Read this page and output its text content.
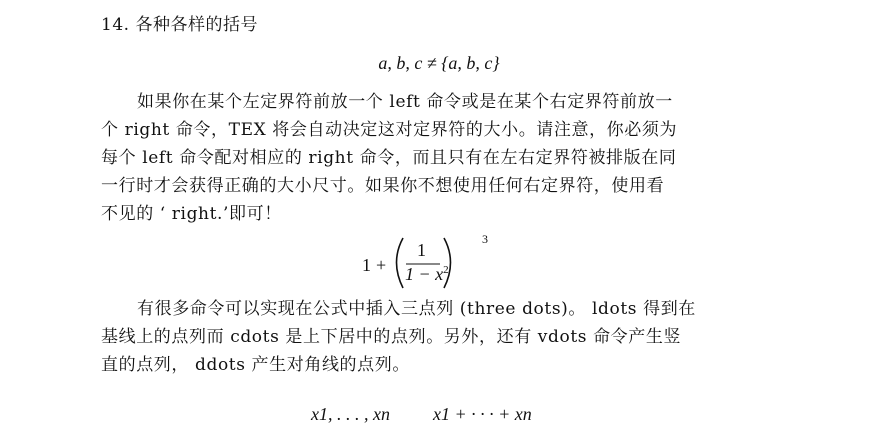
14. 各种各样的括号
a, b, c ≠ {a, b, c}
如果你在某个左定界符前放一个 left 命令或是在某个右定界符前放一
个 right 命令，TEX 将会自动决定这对定界符的大小。请注意，你必须为
每个 left 命令配对相应的 right 命令，而且只有在左右定界符被排版在同
一行时才会获得正确的大小尺寸。如果你不想使用任何右定界符，使用看
不见的 ‘ right.’即可！
1 +
1
$1 - x^2$
3
有很多命令可以实现在公式中插入三点列 (three dots)。 ldots 得到在
基线上的点列而 cdots 是上下居中的点列。另外，还有 vdots 命令产生竖
直的点列， ddots 产生对角线的点列。
x1, . . . , xn x1 + · · · + xn
